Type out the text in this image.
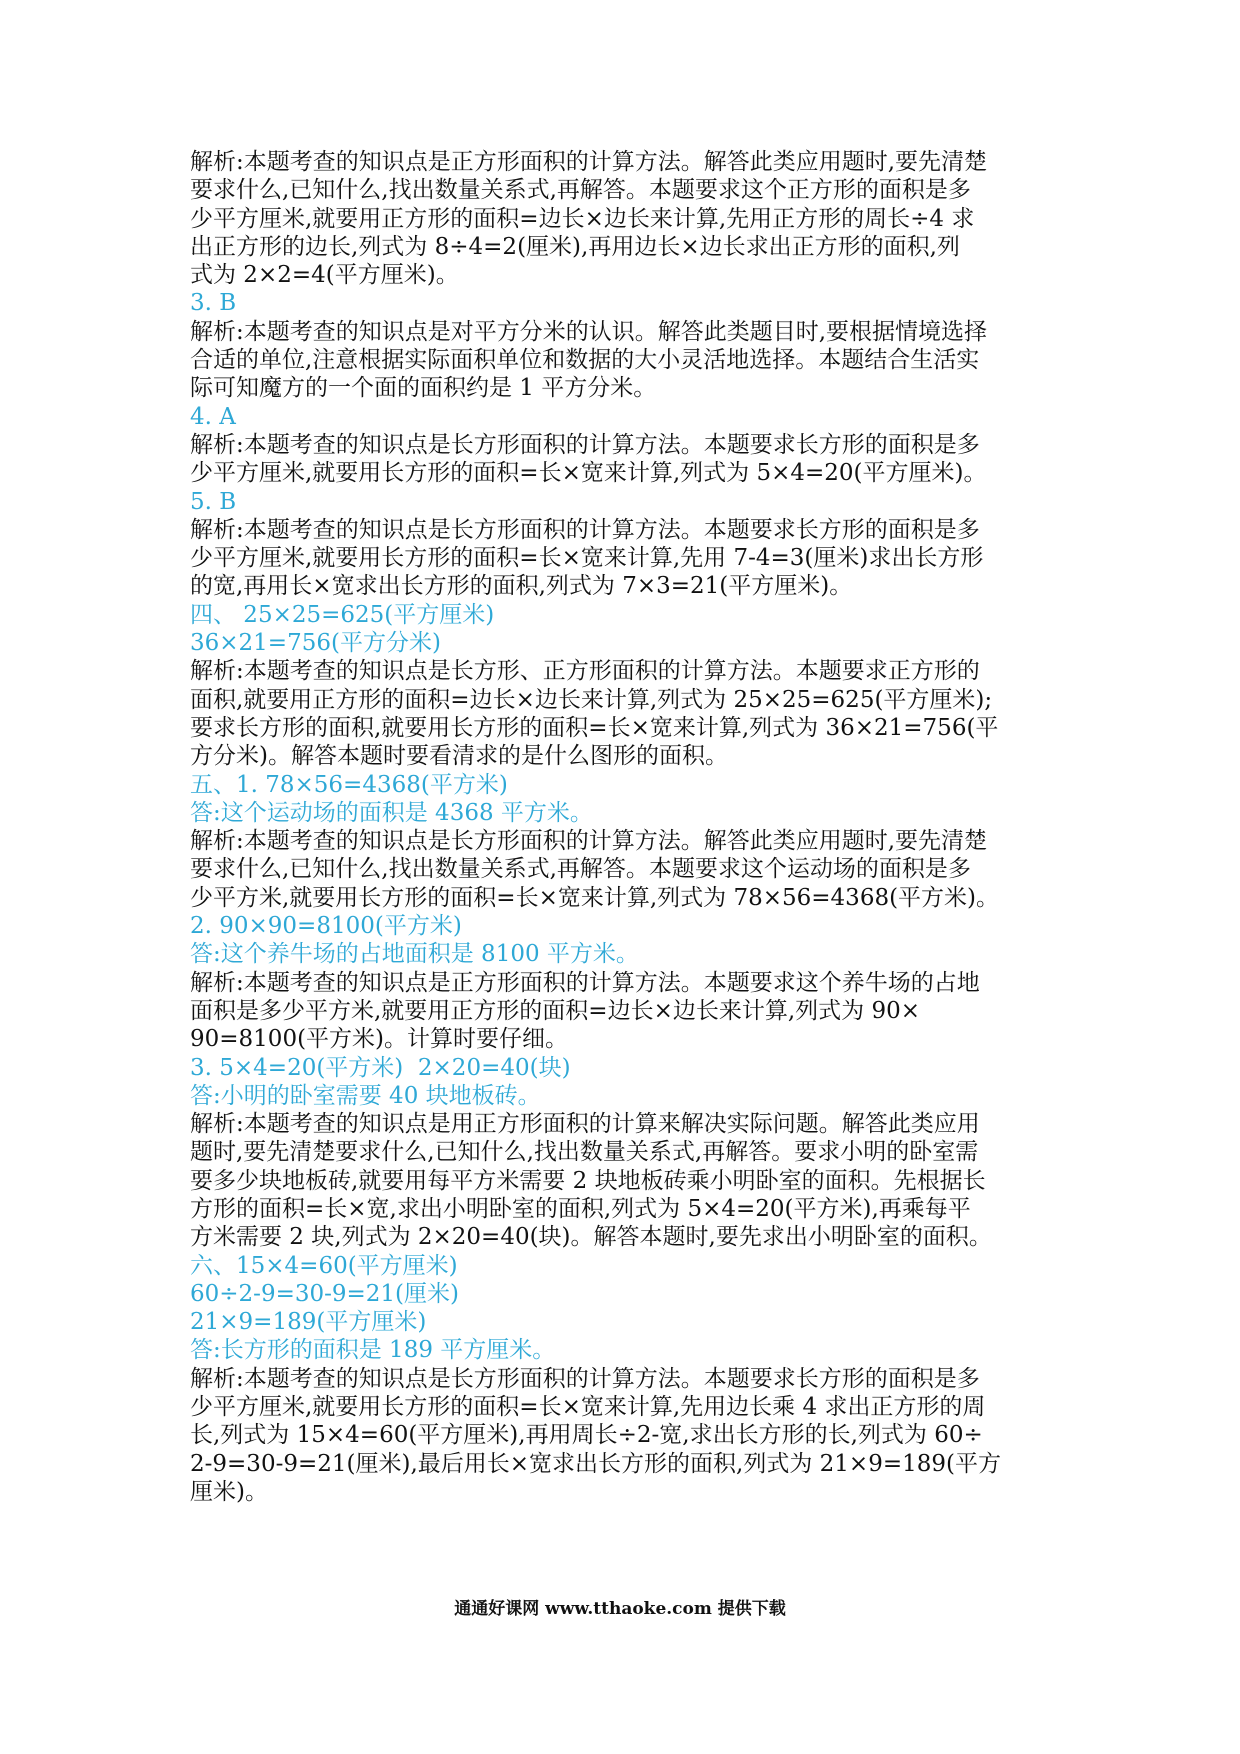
解析:本题考查的知识点是正方形面积的计算方法。解答此类应用题时,要先清楚
要求什么,已知什么,找出数量关系式,再解答。本题要求这个正方形的面积是多
少平方厘米,就要用正方形的面积=边长×边长来计算,先用正方形的周长÷4 求
出正方形的边长,列式为 8÷4=2(厘米),再用边长×边长求出正方形的面积,列
式为 2×2=4(平方厘米)。
3. B
解析:本题考查的知识点是对平方分米的认识。解答此类题目时,要根据情境选择
合适的单位,注意根据实际面积单位和数据的大小灵活地选择。本题结合生活实
际可知魔方的一个面的面积约是 1 平方分米。
4. A
解析:本题考查的知识点是长方形面积的计算方法。本题要求长方形的面积是多
少平方厘米,就要用长方形的面积=长×宽来计算,列式为 5×4=20(平方厘米)。
5. B
解析:本题考查的知识点是长方形面积的计算方法。本题要求长方形的面积是多
少平方厘米,就要用长方形的面积=长×宽来计算,先用 7-4=3(厘米)求出长方形
的宽,再用长×宽求出长方形的面积,列式为 7×3=21(平方厘米)。
四、 25×25=625(平方厘米)
36×21=756(平方分米)
解析:本题考查的知识点是长方形、正方形面积的计算方法。本题要求正方形的
面积,就要用正方形的面积=边长×边长来计算,列式为 25×25=625(平方厘米);
要求长方形的面积,就要用长方形的面积=长×宽来计算,列式为 36×21=756(平
方分米)。解答本题时要看清求的是什么图形的面积。
五、1. 78×56=4368(平方米)
答:这个运动场的面积是 4368 平方米。
解析:本题考查的知识点是长方形面积的计算方法。解答此类应用题时,要先清楚
要求什么,已知什么,找出数量关系式,再解答。本题要求这个运动场的面积是多
少平方米,就要用长方形的面积=长×宽来计算,列式为 78×56=4368(平方米)。
2. 90×90=8100(平方米)
答:这个养牛场的占地面积是 8100 平方米。
解析:本题考查的知识点是正方形面积的计算方法。本题要求这个养牛场的占地
面积是多少平方米,就要用正方形的面积=边长×边长来计算,列式为 90×
90=8100(平方米)。计算时要仔细。
3. 5×4=20(平方米)  2×20=40(块)
答:小明的卧室需要 40 块地板砖。
解析:本题考查的知识点是用正方形面积的计算来解决实际问题。解答此类应用
题时,要先清楚要求什么,已知什么,找出数量关系式,再解答。要求小明的卧室需
要多少块地板砖,就要用每平方米需要 2 块地板砖乘小明卧室的面积。先根据长
方形的面积=长×宽,求出小明卧室的面积,列式为 5×4=20(平方米),再乘每平
方米需要 2 块,列式为 2×20=40(块)。解答本题时,要先求出小明卧室的面积。
六、15×4=60(平方厘米)
60÷2-9=30-9=21(厘米)
21×9=189(平方厘米)
答:长方形的面积是 189 平方厘米。
解析:本题考查的知识点是长方形面积的计算方法。本题要求长方形的面积是多
少平方厘米,就要用长方形的面积=长×宽来计算,先用边长乘 4 求出正方形的周
长,列式为 15×4=60(平方厘米),再用周长÷2-宽,求出长方形的长,列式为 60÷
2-9=30-9=21(厘米),最后用长×宽求出长方形的面积,列式为 21×9=189(平方
厘米)。
通通好课网 www.tthaoke.com 提供下载
